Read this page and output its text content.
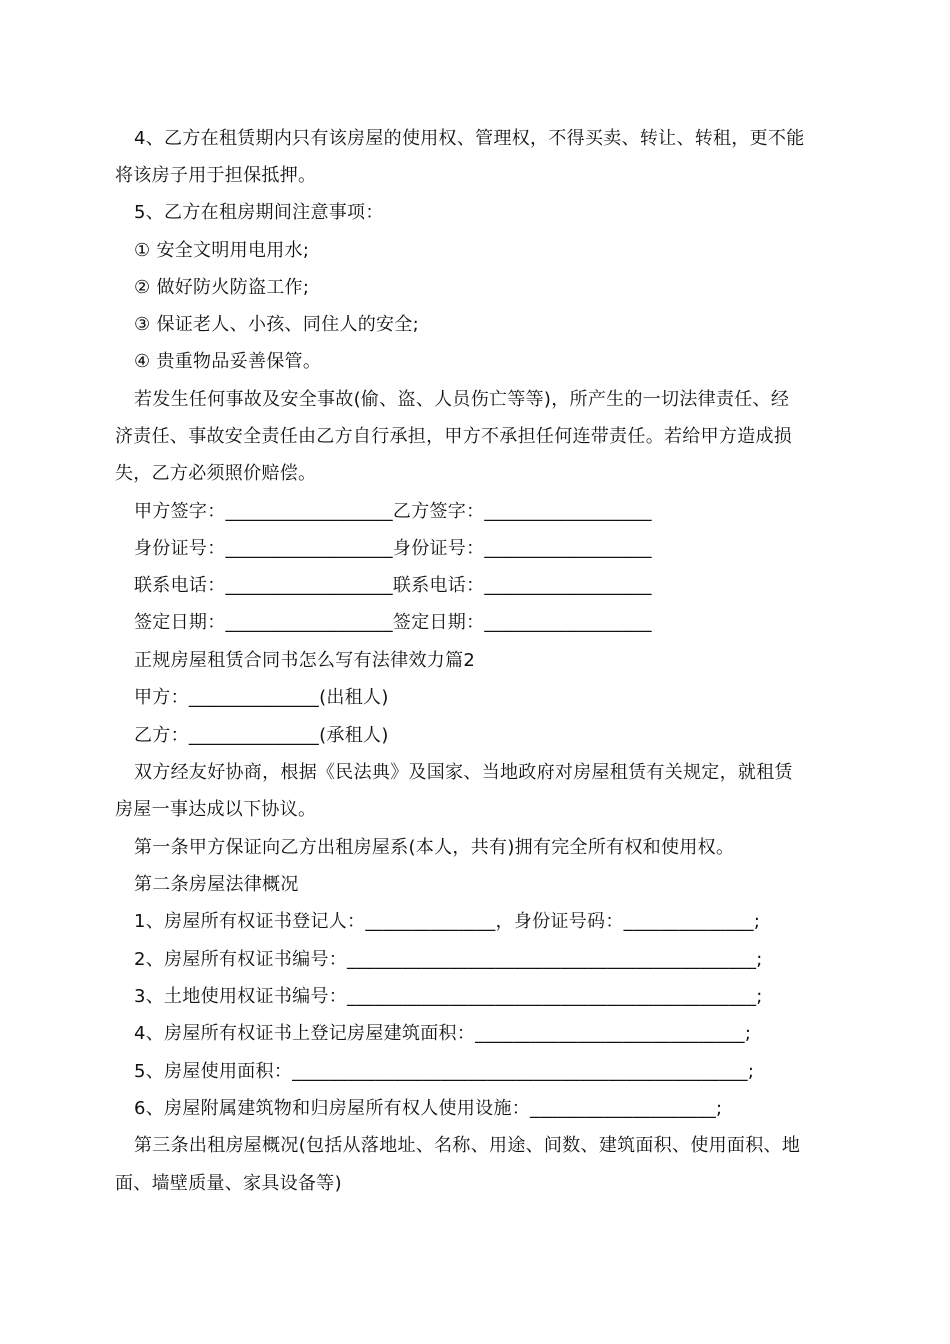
4、乙方在租赁期内只有该房屋的使用权、管理权，不得买卖、转让、转租，更不能
将该房子用于担保抵押。
5、乙方在租房期间注意事项：
① 安全文明用电用水;
② 做好防火防盗工作;
③ 保证老人、小孩、同住人的安全;
④ 贵重物品妥善保管。
若发生任何事故及安全事故(偷、盗、人员伤亡等等)，所产生的一切法律责任、经
济责任、事故安全责任由乙方自行承担，甲方不承担任何连带责任。若给甲方造成损
失，乙方必须照价赔偿。
甲方签字：__________________乙方签字：__________________
身份证号：__________________身份证号：__________________
联系电话：__________________联系电话：__________________
签定日期：__________________签定日期：__________________
正规房屋租赁合同书怎么写有法律效力篇2
甲方：______________(出租人)
乙方：______________(承租人)
双方经友好协商，根据《民法典》及国家、当地政府对房屋租赁有关规定，就租赁
房屋一事达成以下协议。
第一条甲方保证向乙方出租房屋系(本人，共有)拥有完全所有权和使用权。
第二条房屋法律概况
1、房屋所有权证书登记人：______________，身份证号码：______________;
2、房屋所有权证书编号：____________________________________________;
3、土地使用权证书编号：____________________________________________;
4、房屋所有权证书上登记房屋建筑面积：_____________________________;
5、房屋使用面积：_________________________________________________;
6、房屋附属建筑物和归房屋所有权人使用设施：____________________;
第三条出租房屋概况(包括从落地址、名称、用途、间数、建筑面积、使用面积、地
面、墙壁质量、家具设备等)
